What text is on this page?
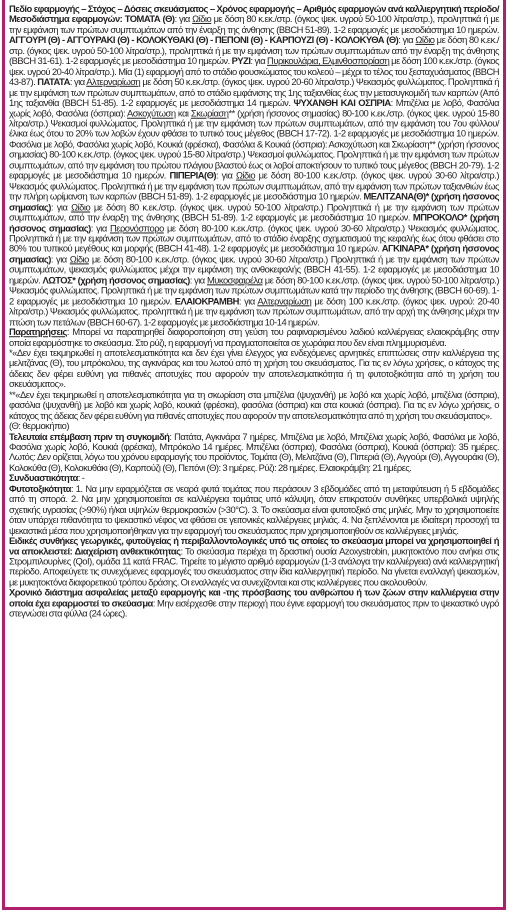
Πεδίο εφαρμογής – Στόχος – Δόσεις σκευάσματος – Χρόνος εφαρμογής – Αριθμός εφαρμογών ανά καλλιεργητική περίοδο/Μεσοδιάστημα εφαρμογών: ΤΟΜΑΤΑ (Θ): για Ωίδιο με δόση 80 κ.εκ./στρ. (όγκος ψεκ. υγρού 50-100 λίτρα/στρ.), προληπτικά ή με την εμφάνιση των πρώτων συμπτωμάτων από την έναρξη της άνθησης (BBCH 51-89). 1-2 εφαρμογές με μεσοδιάστημα 10 ημερών. ΑΓΓΟΥΡΙ (Θ) - ΑΓΓΟΥΡΑΚΙ (Θ) - ΚΟΛΟΚΥΘΑΚΙ (Θ) - ΠΕΠΟΝΙ (Θ) - ΚΑΡΠΟΥΖΙ (Θ) - ΚΟΛΟΚΥΘΑ (Θ): για Ωίδιο με δόση 80 κ.εκ./στρ. (όγκος ψεκ. υγρού 50-100 λίτρα/στρ.), προληπτικά ή με την εμφάνιση των πρώτων συμπτωμάτων από την έναρξη της άνθησης (BBCH 31-61). 1-2 εφαρμογές με μεσοδιάστημα 10 ημερών. ΡΥΖΙ: για Πυρικουλάρια, Ελμινθοσπορίαση με δόση 100 κ.εκ./στρ. (όγκος ψεκ. υγρού 20-40 λίτρα/στρ.). Μία (1) εφαρμογή από το στάδιο φουσκώματος του κολεού – μέχρι το τέλος του ξεσταχυάσματος (BBCH 43-87). ΠΑΤΑΤΑ: για Αλτερναρίωση με δόση 50 κ.εκ./στρ. (όγκος ψεκ. υγρού 20-60 λίτρα/στρ.) Ψεκασμός φυλλώματος. Προληπτικά ή με την εμφάνιση των πρώτων συμπτωμάτων, από το στάδιο εμφάνισης της 1ης ταξιανθίας έως την μετασυγκομιδή των καρπών (Από 1ης ταξιανθία (BBCH 51-85). 1-2 εφαρμογές με μεσοδιάστημα 14 ημερών. ΨΥΧΑΝΘΗ ΚΑΙ ΟΣΠΡΙΑ: Μπιζέλια με λοβό, Φασόλια χωρίς λοβό, Φασόλια (όσπρια): Ασκοχύτωση και Σκωρίαση** (χρήση ήσσονος σημασίας) 80-100 κ.εκ./στρ. (όγκος ψεκ. υγρού 15-80 λίτρα/στρ.) Ψεκασμοί φυλλώματος. Προληπτικά ή με την εμφάνιση των πρώτων συμπτωμάτων, από την εμφάνιση του 7ου φύλλου/έλικα έως ότου το 20% των λοβών έχουν φθάσει το τυπικό τους μέγεθος (BBCH 17-72). 1-2 εφαρμογές με μεσοδιάστημα 10 ημερών. Φασόλια με λοβό, Φασόλια χωρίς λοβό, Κουκιά (φρέσκα), Φασόλια & Κουκιά (όσπρια): Ασκοχύτωση και Σκωρίαση** (χρήση ήσσονος σημασίας) 80-100 κ.εκ./στρ. (όγκος ψεκ. υγρού 15-80 λίτρα/στρ.) Ψεκασμοί φυλλώματος. Προληπτικά ή με την εμφάνιση των πρώτων συμπτωμάτων, από την εμφάνιση του πρώτου πλάγιου βλαστού έως οι λοβοί αποκτήσουν το τυπικό τους μέγεθος (BBCH 20-79). 1-2 εφαρμογές με μεσοδιάστημα 10 ημερών. ΠΙΠΕΡΙΑ(Θ): για Ωίδιο με δόση 80-100 κ.εκ./στρ. (όγκος ψεκ. υγρού 30-60 λίτρα/στρ.) Ψεκασμός φυλλώματος. Προληπτικά ή με την εμφάνιση των πρώτων συμπτωμάτων, από την εμφάνιση των πρώτων ταξιανθιών έως την πλήρη ωρίμανση των καρπών (BBCH 51-89). 1-2 εφαρμογές με μεσοδιάστημα 10 ημερών. ΜΕΛΙΤΖΑΝΑ(Θ)* (χρήση ήσσονος σημασίας): για Ωίδιο με δόση 80 κ.εκ./στρ. (όγκος ψεκ. υγρού 50-100 λίτρα/στρ.) Προληπτικά ή με την εμφάνιση των πρώτων συμπτωμάτων, από την έναρξη της άνθησης (BBCH 51-89). 1-2 εφαρμογές με μεσοδιάστημα 10 ημερών. ΜΠΡΟΚΟΛΟ* (χρήση ήσσονος σημασίας): για Περονόσπορο με δόση 80-100 κ.εκ./στρ. (όγκος ψεκ. υγρού 30-60 λίτρα/στρ.) Ψεκασμός φυλλώματος. Προληπτικά ή με την εμφάνιση των πρώτων συμπτωμάτων, από το στάδιο έναρξης σχηματισμού της κεφαλής έως ότου φθάσει στο 80% του τυπικού μεγέθους και μορφής (BBCH 41-48). 1-2 εφαρμογές με μεσοδιάστημα 10 ημερών. ΑΓΚΙΝΑΡΑ* (χρήση ήσσονος σημασίας): για Ωίδιο με δόση 80-100 κ.εκ./στρ. (όγκος ψεκ. υγρού 30-60 λίτρα/στρ.) Προληπτικά ή με την εμφάνιση των πρώτων συμπτωμάτων, ψεκασμός φυλλώματος μέχρι την εμφάνιση της ανθοκεφαλής (BBCH 41-55). 1-2 εφαρμογές με μεσοδιάστημα 10 ημερών. ΛΩΤΟΣ* (χρήση ήσσονος σημασίας): για Μυκοσφαιρέλα με δόση 80-100 κ.εκ./στρ. (όγκος ψεκ. υγρού 50-100 λίτρα/στρ.) Ψεκασμός φυλλώματος. Προληπτικά ή με την εμφάνιση των πρώτων συμπτωμάτων κατά την περίοδο της άνθησης (BBCH 60-69). 1-2 εφαρμογές με μεσοδιάστημα 10 ημερών. ΕΛΑΙΟΚΡΑΜΒΗ: για Αλτερναρίωση με δόση 100 κ.εκ./στρ. (όγκος ψεκ. υγρού: 20-40 λίτρα/στρ.) Ψεκασμός φυλλώματος. προληπτικά ή με την εμφάνιση των πρώτων συμπτωμάτων, από την αρχή της άνθησης μέχρι την πτώση των πετάλων (BBCH 60-67). 1-2 εφαρμογές με μεσοδιάστημα 10-14 ημερών.

Παρατηρήσεις: Μπορεί να παρατηρηθεί διαφοροποίηση στη γεύση του ραφιναρισμένου λαδιού καλλιέργειας ελαιοκράμβης στην οποία εφαρμόστηκε το σκεύασμα. Στο ρύζι, η εφαρμογή να πραγματοποιείται σε χωράφια που δεν είναι πλημμυρισμένα.

*«Δεν έχει τεκμηριωθεί η αποτελεσματικότητα και δεν έχει γίνει έλεγχος για ενδεχόμενες αρνητικές επιπτώσεις στην καλλιέργεια της μελιτζάνας (Θ), του μπρόκολου, της αγκινάρας και του λωτού από τη χρήση του σκευάσματος. Για τις εν λόγω χρήσεις, ο κάτοχος της άδειας δεν φέρει ευθύνη για πιθανές αποτυχίες που αφορούν την αποτελεσματικότητα ή τη φυτοτοξικότητα από τη χρήση του σκευάσματος».

**«Δεν έχει τεκμηριωθεί η αποτελεσματικότητα για τη σκωρίαση στα μπιζέλια (ψυχανθή) με λοβό και χωρίς λοβό, μπιζέλια (όσπρια), φασόλια (ψυχανθή) με λοβό και χωρίς λοβό, κουκιά (φρέσκα), φασόλια (όσπρια) και στα κουκιά (όσπρια). Για τις εν λόγω χρήσεις, ο κάτοχος της άδειας δεν φέρει ευθύνη για πιθανές αποτυχίες που αφορούν την αποτελεσματικότητα από τη χρήση του σκευάσματος».

(Θ: θερμοκήπιο)

Τελευταία επέμβαση πριν τη συγκομιδή: Πατάτα, Αγκινάρα 7 ημέρες. Μπιζέλια με λοβό, Μπιζέλια χωρίς λοβό, Φασόλια με λοβό, Φασόλια χωρίς λοβό, Κουκιά (φρέσκα), Μπρόκολο 14 ημέρες. Μπιζέλια (όσπρια), Φασόλια (όσπρια), Κουκιά (όσπρια): 35 ημέρες. Λωτός: Δεν ορίζεται, λόγω του χρόνου εφαρμογής του προϊόντος. Τομάτα (Θ), Μελιτζάνα (Θ), Πιπεριά (Θ), Αγγούρι (Θ), Αγγουράκι (Θ), Κολοκύθα (Θ), Κολοκυθάκι (Θ), Καρπούζι (Θ), Πεπόνι (Θ): 3 ημέρες. Ρύζι: 28 ημέρες. Ελαιοκράμβη: 21 ημέρες.

Συνδυαστικότητα: -

Φυτοτοξικότητα: 1. Να μην εφαρμόζεται σε νεαρά φυτά τομάτας που περάσουν 3 εβδομάδες από τη μεταφύτευση ή 5 εβδομάδες από τη σπορά. 2. Να μην χρησιμοποιείται σε καλλιέργεια τομάτας υπό κάλυψη, όταν επικρατούν συνθήκες υπερβολικά υψηλής σχετικής υγρασίας (>90%) ή/και υψηλών θερμοκρασιών (>30°C). 3. Το σκεύασμα είναι φυτοτοξικό στις μηλιές. Μην το χρησιμοποιείτε όταν υπάρχει πιθανότητα το ψεκαστικό νέφος να φθάσει σε γειτονικές καλλιέργειες μηλιάς. 4. Να ξεπλένονται με ιδιαίτερη προσοχή τα ψεκαστικά μέσα που χρησιμοποιήθηκαν για την εφαρμογή του σκευάσματος πριν χρησιμοποιηθούν σε καλλιέργειες μηλιάς.

Ειδικές συνθήκες γεωργικές, φυτοϋγείας ή περιβαλλοντολογικές υπό τις οποίες το σκεύασμα μπορεί να χρησιμοποιηθεί ή να αποκλειστεί: Διαχείριση ανθεκτικότητας: Το σκεύασμα περιέχει τη δραστική ουσία Azoxystrobin, μυκητοκτόνο που ανήκει στις Στρομπιλουρίνες (QoI), ομάδα 11 κατά FRAC. Τηρείτε το μέγιστο αριθμό εφαρμογών (1-3 ανάλογα την καλλιέργεια) ανά καλλιεργητική περίοδο. Αποφεύγετε τις συνεχόμενες εφαρμογές του σκευάσματος στην ίδια καλλιεργητική περίοδο. Να γίνεται εναλλαγή ψεκασμών, με μυκητοκτόνα διαφορετικού τρόπου δράσης. Οι εναλλαγές να συνεχίζονται και στις καλλιέργειες που ακολουθούν.

Χρονικό διάστημα ασφαλείας μεταξύ εφαρμογής και -της πρόσβασης του ανθρώπου ή των ζώων στην καλλιέργεια στην οποία έχει εφαρμοστεί το σκεύασμα: Μην εισέρχεσθε στην περιοχή που έγινε εφαρμογή του σκευάσματος πριν το ψεκαστικό υγρό στεγνώσει στα φύλλα (24 ώρες).
